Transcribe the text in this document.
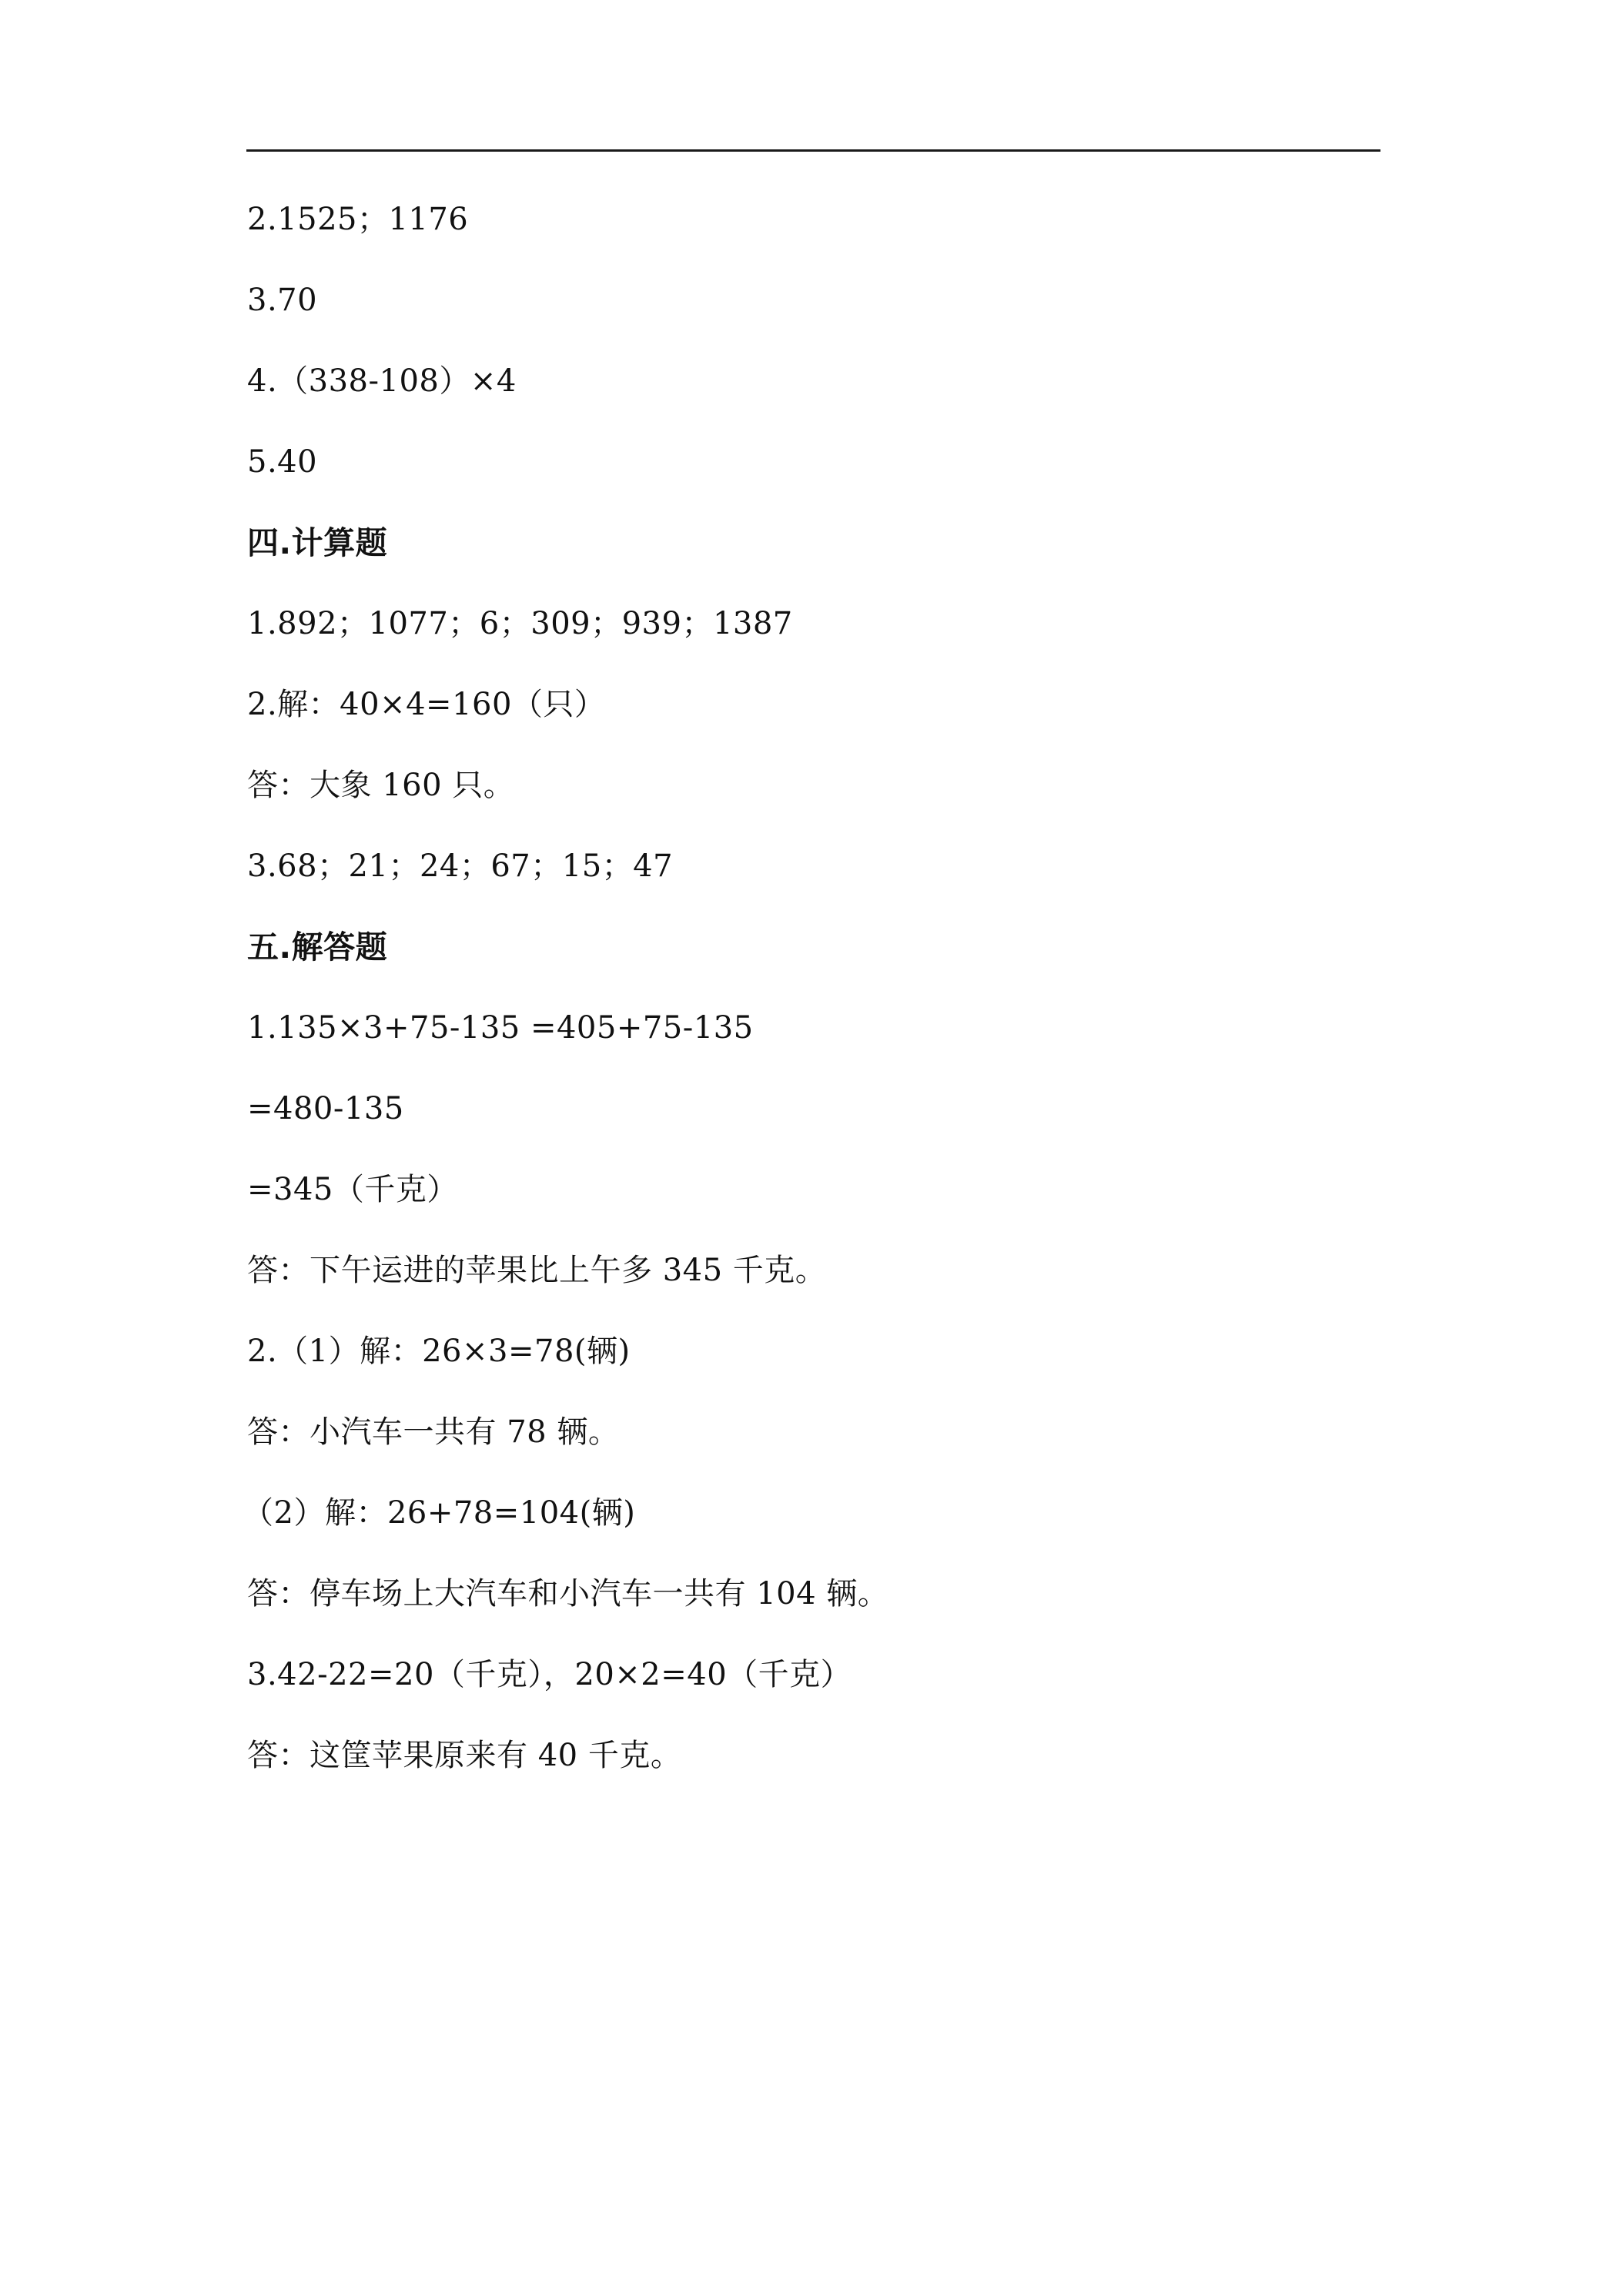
2.1525；1176
3.70
4.（338-108）×4
5.40
四.计算题
1.892；1077；6；309；939；1387
2.解：40×4=160（只）
答：大象 160 只。
3.68；21；24；67；15；47
五.解答题
1.135×3+75-135 =405+75-135
=480-135
=345（千克）
答：下午运进的苹果比上午多 345 千克。
2.（1）解：26×3=78(辆)
答：小汽车一共有 78 辆。
（2）解：26+78=104(辆)
答：停车场上大汽车和小汽车一共有 104 辆。
3.42-22=20（千克），20×2=40（千克）
答：这筐苹果原来有 40 千克。
